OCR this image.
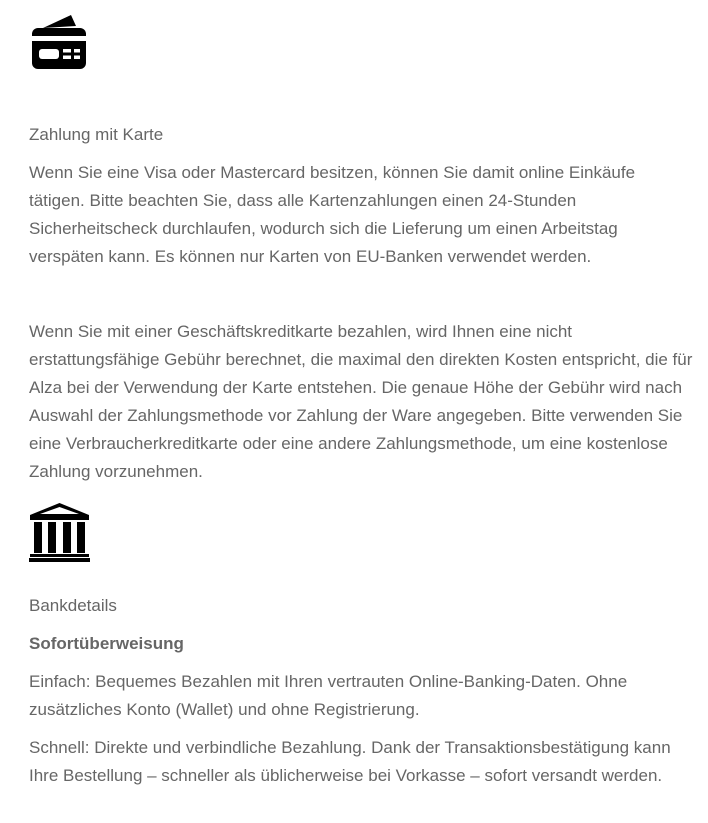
Zahlung mit Karte

Wenn Sie eine Visa oder Mastercard besitzen, können Sie damit online Einkäufe tätigen. Bitte beachten Sie, dass alle Kartenzahlungen einen 24-Stunden Sicherheitscheck durchlaufen, wodurch sich die Lieferung um einen Arbeitstag verspäten kann. Es können nur Karten von EU-Banken verwendet werden.

Wenn Sie mit einer Geschäftskreditkarte bezahlen, wird Ihnen eine nicht erstattungsfähige Gebühr berechnet, die maximal den direkten Kosten entspricht, die für Alza bei der Verwendung der Karte entstehen. Die genaue Höhe der Gebühr wird nach Auswahl der Zahlungsmethode vor Zahlung der Ware angegeben. Bitte verwenden Sie eine Verbraucherkreditkarte oder eine andere Zahlungsmethode, um eine kostenlose Zahlung vorzunehmen.

Bankdetails
Sofortüberweisung

Einfach: Bequemes Bezahlen mit Ihren vertrauten Online-Banking-Daten. Ohne zusätzliches Konto (Wallet) und ohne Registrierung.

Schnell: Direkte und verbindliche Bezahlung. Dank der Transaktionsbestätigung kann Ihre Bestellung – schneller als üblicherweise bei Vorkasse – sofort versandt werden.
